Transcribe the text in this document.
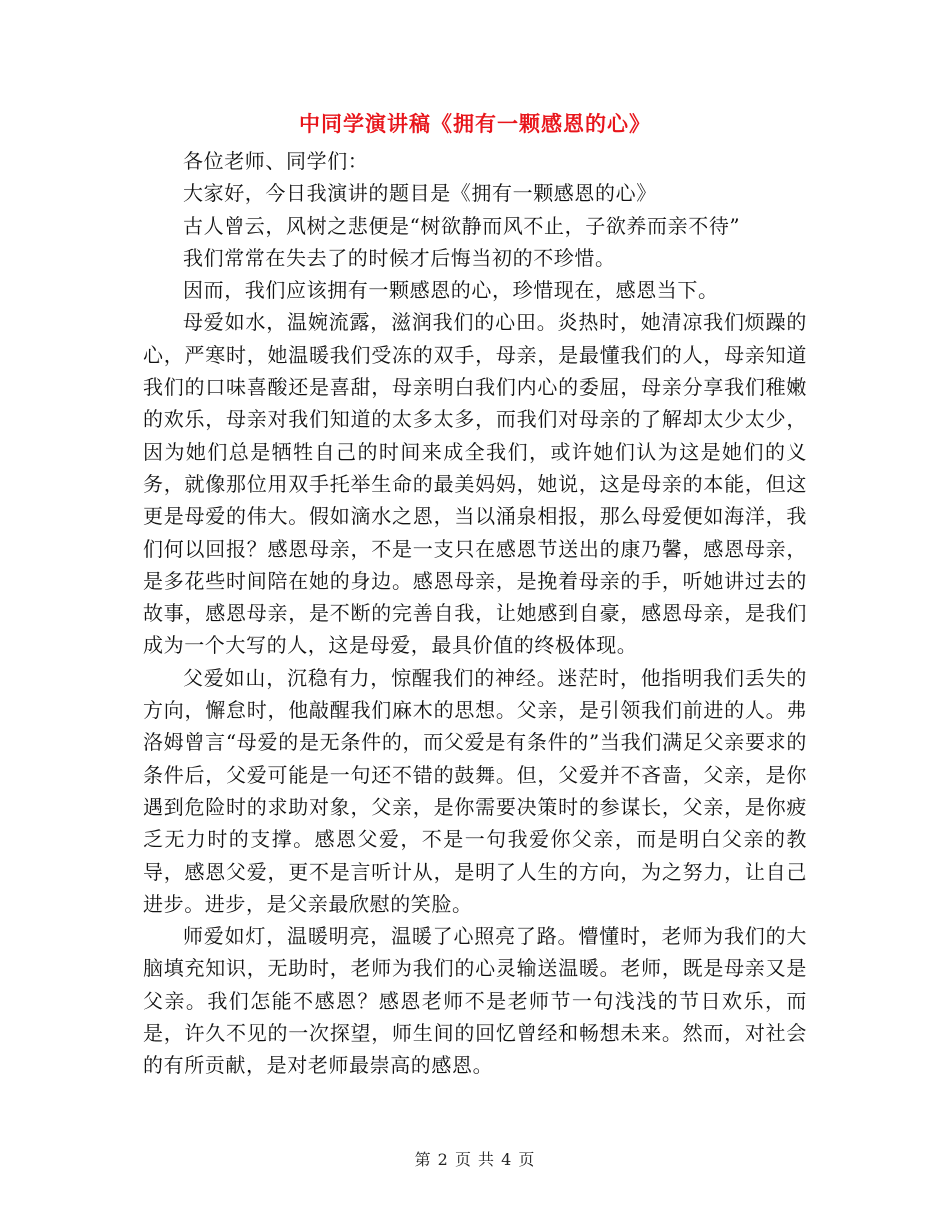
中同学演讲稿《拥有一颗感恩的心》

各位老师、同学们：

大家好，今日我演讲的题目是《拥有一颗感恩的心》

古人曾云，风树之悲便是“树欲静而风不止，子欲养而亲不待”

我们常常在失去了的时候才后悔当初的不珍惜。

因而，我们应该拥有一颗感恩的心，珍惜现在，感恩当下。

母爱如水，温婉流露，滋润我们的心田。炎热时，她清凉我们烦躁的心，严寒时，她温暖我们受冻的双手，母亲，是最懂我们的人，母亲知道我们的口味喜酸还是喜甜，母亲明白我们内心的委屈，母亲分享我们稚嫩的欢乐，母亲对我们知道的太多太多，而我们对母亲的了解却太少太少，因为她们总是牺牲自己的时间来成全我们，或许她们认为这是她们的义务，就像那位用双手托举生命的最美妈妈，她说，这是母亲的本能，但这更是母爱的伟大。假如滴水之恩，当以涌泉相报，那么母爱便如海洋，我们何以回报？感恩母亲，不是一支只在感恩节送出的康乃馨，感恩母亲，是多花些时间陪在她的身边。感恩母亲，是挽着母亲的手，听她讲过去的故事，感恩母亲，是不断的完善自我，让她感到自豪，感恩母亲，是我们成为一个大写的人，这是母爱，最具价值的终极体现。

父爱如山，沉稳有力，惊醒我们的神经。迷茫时，他指明我们丢失的方向，懈怠时，他敲醒我们麻木的思想。父亲，是引领我们前进的人。弗洛姆曾言“母爱的是无条件的，而父爱是有条件的”当我们满足父亲要求的条件后，父爱可能是一句还不错的鼓舞。但，父爱并不吝啬，父亲，是你遇到危险时的求助对象，父亲，是你需要决策时的参谋长，父亲，是你疲乏无力时的支撑。感恩父爱，不是一句我爱你父亲，而是明白父亲的教导，感恩父爱，更不是言听计从，是明了人生的方向，为之努力，让自己进步。进步，是父亲最欣慰的笑脸。

师爱如灯，温暖明亮，温暖了心照亮了路。懵懂时，老师为我们的大脑填充知识，无助时，老师为我们的心灵输送温暖。老师，既是母亲又是父亲。我们怎能不感恩？感恩老师不是老师节一句浅浅的节日欢乐，而是，许久不见的一次探望，师生间的回忆曾经和畅想未来。然而，对社会的有所贡献，是对老师最崇高的感恩。

第 2 页 共 4 页
